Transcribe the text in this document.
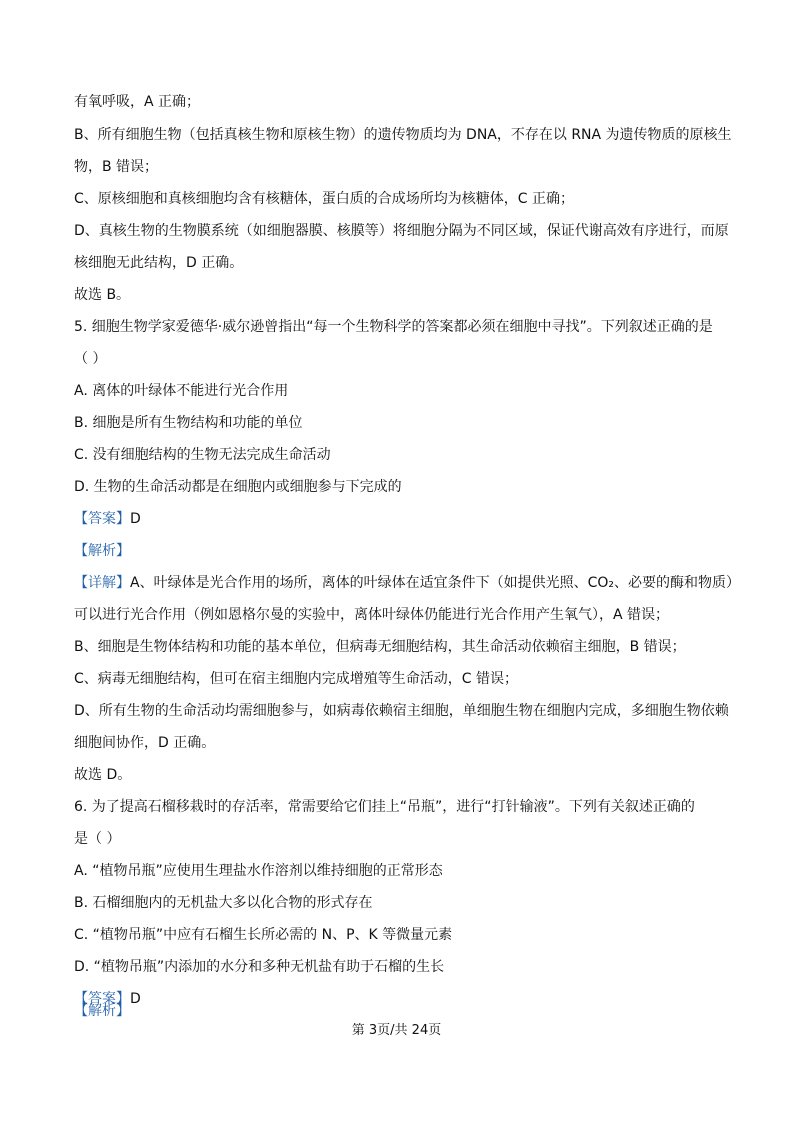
有氧呼吸，A 正确；
B、所有细胞生物（包括真核生物和原核生物）的遗传物质均为 DNA，不存在以 RNA 为遗传物质的原核生
物，B 错误；
C、原核细胞和真核细胞均含有核糖体，蛋白质的合成场所均为核糖体，C 正确；
D、真核生物的生物膜系统（如细胞器膜、核膜等）将细胞分隔为不同区域，保证代谢高效有序进行，而原
核细胞无此结构，D 正确。
故选 B。
5. 细胞生物学家爱德华·威尔逊曾指出“每一个生物科学的答案都必须在细胞中寻找”。下列叙述正确的是
（ ）
A. 离体的叶绿体不能进行光合作用
B. 细胞是所有生物结构和功能的单位
C. 没有细胞结构的生物无法完成生命活动
D. 生物的生命活动都是在细胞内或细胞参与下完成的
【答案】D
【解析】
【详解】A、叶绿体是光合作用的场所，离体的叶绿体在适宜条件下（如提供光照、CO₂、必要的酶和物质）
可以进行光合作用（例如恩格尔曼的实验中，离体叶绿体仍能进行光合作用产生氧气），A 错误；
B、细胞是生物体结构和功能的基本单位，但病毒无细胞结构，其生命活动依赖宿主细胞，B 错误；
C、病毒无细胞结构，但可在宿主细胞内完成增殖等生命活动，C 错误；
D、所有生物的生命活动均需细胞参与，如病毒依赖宿主细胞，单细胞生物在细胞内完成，多细胞生物依赖
细胞间协作，D 正确。
故选 D。
6. 为了提高石榴移栽时的存活率，常需要给它们挂上“吊瓶”，进行“打针输液”。下列有关叙述正确的
是（ ）
A. “植物吊瓶”应使用生理盐水作溶剂以维持细胞的正常形态
B. 石榴细胞内的无机盐大多以化合物的形式存在
C. “植物吊瓶”中应有石榴生长所必需的 N、P、K 等微量元素
D. “植物吊瓶”内添加的水分和多种无机盐有助于石榴的生长
【答案】D
【解析】
第 3页/共 24页
